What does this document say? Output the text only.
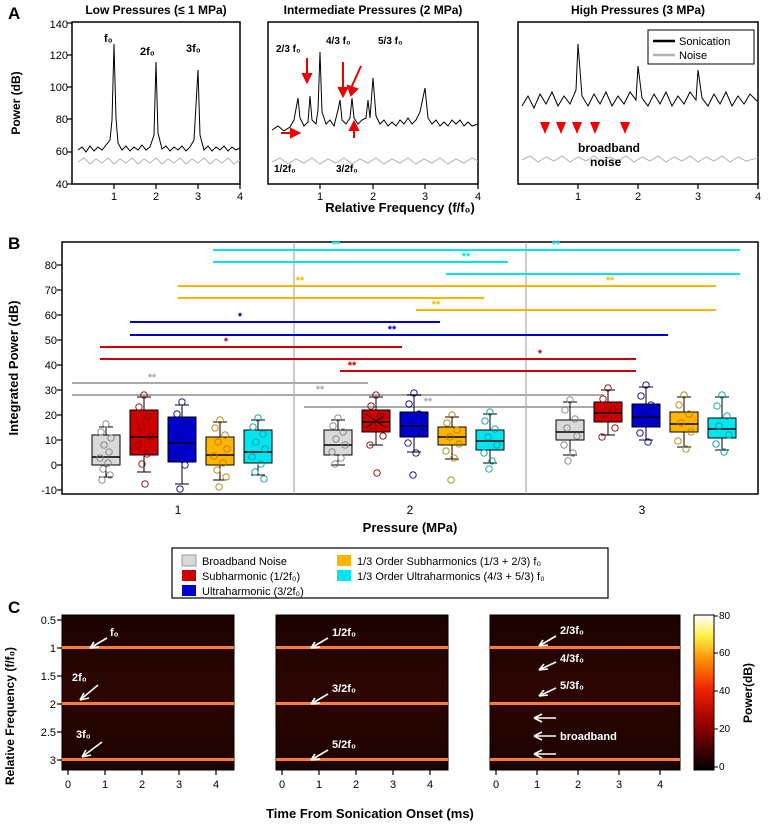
A
Power (dB)
Relative Frequency (f/f₀)
Low Pressures (≤ 1 MPa)
40
60
80
100
120
140
1	2	3	4
f₀
2f₀	3f₀
Intermediate Pressures (2 MPa)
1	2	3	4
2/3 f₀
4/3 f₀	5/3 f₀
1/2f₀	3/2f₀
High Pressures (3 MPa)
1	2	3	4
broadband
noise
Sonication
Noise
B
Integrated Power (dB)
Pressure (MPa)
-10
0
10
20
30
40
50
60
70
80
1	2	3
**	**
**
**	**
**
*
**
*
**
*
**
**
**
Broadband Noise
Subharmonic (1/2f₀)
Ultraharmonic (3/2f₀)
1/3 Order Subharmonics (1/3 + 2/3) f₀
1/3 Order Ultraharmonics (4/3 + 5/3) f₀
C
Relative Frequency (f/f₀)
Time From Sonication Onset (ms)
0.5
1
1.5
2
2.5
3
f₀
2f₀
3f₀
0	1	2	3	4
1/2f₀
3/2f₀
5/2f₀
0	1	2	3	4
2/3f₀
4/3f₀
5/3f₀
broadband
0	1	2	3	4
80
60
40
20
0
Power(dB)
